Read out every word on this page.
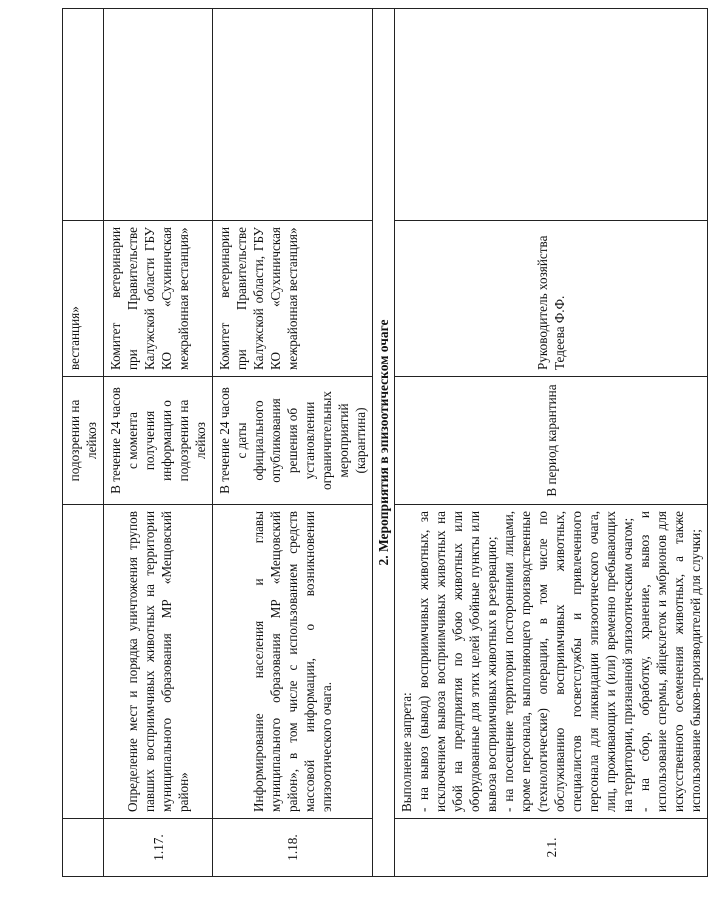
		подозрении на лейкоз	вестанция»	
1.17.	Определение мест и порядка уничтожения трупов павших восприимчивых животных на территории муниципального образования МР «Мещовский район»	В течение 24 часов с момента получения информации о подозрении на лейкоз	Комитет ветеринарии при Правительстве Калужской области ГБУ КО «Сухиничская межрайонная вестанция»	
1.18.	Информирование населения и главы муниципального образования МР «Мещовский район», в том числе с использованием средств массовой информации, о возникновении эпизоотического очага.	В течение 24 часов с даты официального опубликования решения об установлении ограничительных мероприятий (карантина)	Комитет ветеринарии при Правительстве Калужской области, ГБУ КО «Сухиничская межрайонная вестанция»	
2. Мероприятия в эпизоотическом очаге				
2.1.	Выполнение запрета: - на вывоз (вывод) восприимчивых животных, за исключением вывоза восприимчивых животных на убой на предприятия по убою животных или оборудованные для этих целей убойные пункты или вывоза восприимчивых животных в резервацию; - на посещение территории посторонними лицами, кроме персонала, выполняющего производственные (технологические) операции, в том числе по обслуживанию восприимчивых животных, специалистов госветслужбы и привлеченного персонала для ликвидации эпизоотического очага, лиц, проживающих и (или) временно пребывающих на территории, признанной эпизоотическим очагом; - на сбор, обработку, хранение, вывоз и использование спермы, яйцеклеток и эмбрионов для искусственного осеменения животных, а также использование быков-производителей для случки;	В период карантина	Руководитель хозяйства Тедеева Ф.Ф.	
